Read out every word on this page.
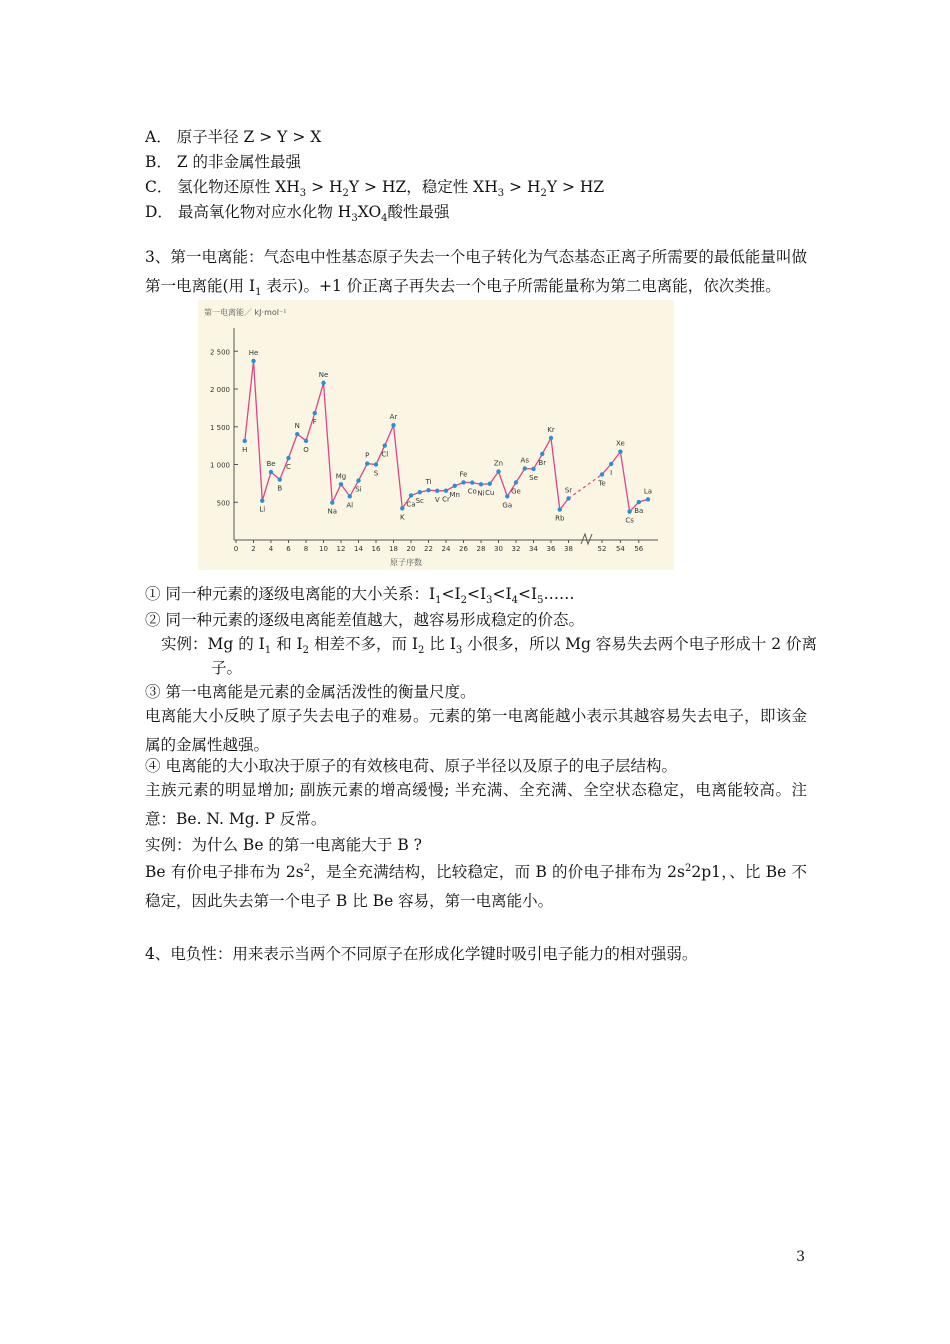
A． 原子半径 Z > Y > X
B． Z 的非金属性最强
C． 氢化物还原性 $XH_3 > H_2Y$ > HZ，稳定性 $XH_3 > H_2Y$ > HZ
D． 最高氧化物对应水化物 $H_3XO_4$酸性最强
3、第一电离能：气态电中性基态原子失去一个电子转化为气态基态正离子所需要的最低能量叫做第一电离能(用 $I_1$ 表示)。+1 价正离子再失去一个电子所需能量称为第二电离能，依次类推。
第一电离能／ kJ·mol⁻¹
原子序数
500
1 000
1 500
2 000
2 500
0 2 4 6 8 10 12 14 16 18 20 22 24 26 28 30 32 34 36 38	52 54 56
H
He
Li
Be
B
C
N
O
F
Ne
Na
Mg
Al
Si
P
S
Cl
Ar
K
Ca Sc
Ti
V Cr
Mn
Fe
Co Ni Cu
Zn
Ga
Ge
As
Se
Br
Kr
Rb
Sr
Te
I
Xe
Cs
Ba
La
① 同一种元素的逐级电离能的大小关系：$I_1<I_2<I_3<I_4<I_5\dots\dots$
② 同一种元素的逐级电离能差值越大，越容易形成稳定的价态。
实例：Mg 的 $I_1$ 和 $I_2$ 相差不多，而 $I_2$ 比 $I_3$ 小很多，所以 Mg 容易失去两个电子形成十 2 价离
子。
③ 第一电离能是元素的金属活泼性的衡量尺度。
电离能大小反映了原子失去电子的难易。元素的第一电离能越小表示其越容易失去电子，即该金属的金属性越强。
④ 电离能的大小取决于原子的有效核电荷、原子半径以及原子的电子层结构。
主族元素的明显增加; 副族元素的增高缓慢; 半充满、全充满、全空状态稳定，电离能较高。注意：Be. N. Mg. P 反常。
实例：为什么 Be 的第一电离能大于 B ?
Be 有价电子排布为 $2s^2$，是全充满结构，比较稳定，而 B 的价电子排布为 $2s^22p1$，、比 Be 不稳定，因此失去第一个电子 B 比 Be 容易，第一电离能小。
4、电负性：用来表示当两个不同原子在形成化学键时吸引电子能力的相对强弱。
3
